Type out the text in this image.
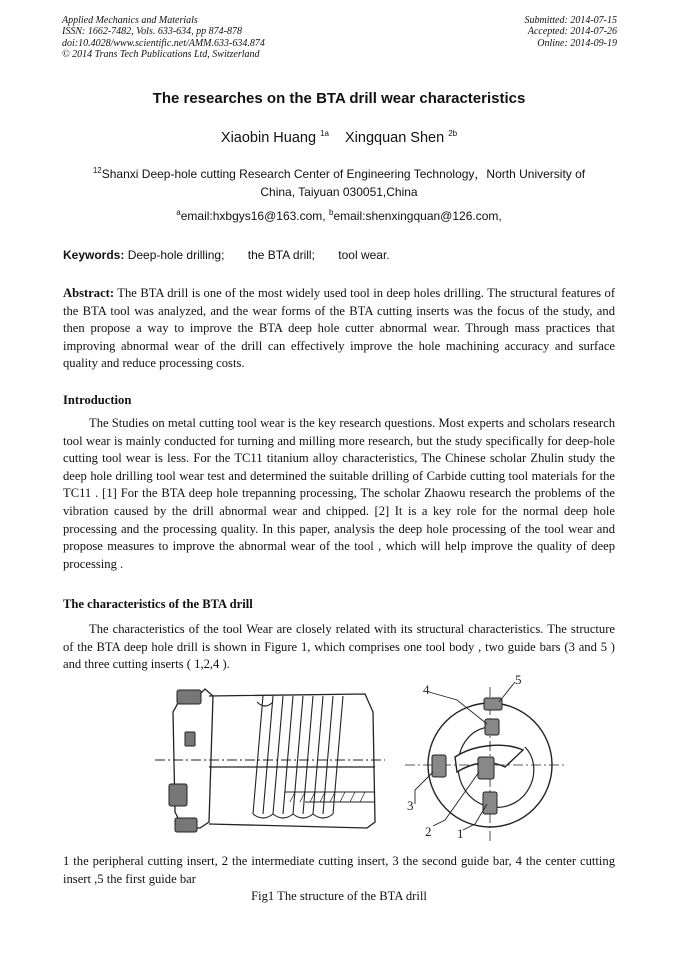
Applied Mechanics and Materials
ISSN: 1662-7482, Vols. 633-634, pp 874-878
doi:10.4028/www.scientific.net/AMM.633-634.874
© 2014 Trans Tech Publications Ltd, Switzerland
Submitted: 2014-07-15
Accepted: 2014-07-26
Online: 2014-09-19
The researches on the BTA drill wear characteristics
Xiaobin Huang $^{1a}$ Xingquan Shen $^{2b}$
$^{12}$Shanxi Deep-hole cutting Research Center of Engineering Technology，North University of China, Taiyuan 030051,China
$^a$email:hxbgys16@163.com, $^b$email:shenxingquan@126.com,
Keywords: Deep-hole drilling; the BTA drill; tool wear.

Abstract: The BTA drill is one of the most widely used tool in deep holes drilling. The structural features of the BTA tool was analyzed, and the wear forms of the BTA cutting inserts was the focus of the study, and then propose a way to improve the BTA deep hole cutter abnormal wear. Through mass practices that improving abnormal wear of the drill can effectively improve the hole machining accuracy and surface quality and reduce processing costs.

Introduction

The Studies on metal cutting tool wear is the key research questions. Most experts and scholars research tool wear is mainly conducted for turning and milling more research, but the study specifically for deep-hole cutting tool wear is less. For the TC11 titanium alloy characteristics, The Chinese scholar Zhulin study the deep hole drilling tool wear test and determined the suitable drilling of Carbide cutting tool materials for the TC11 . [1] For the BTA deep hole trepanning processing, The scholar Zhaowu research the problems of the vibration caused by the drill abnormal wear and chipped. [2] It is a key role for the normal deep hole processing and the processing quality. In this paper, analysis the deep hole processing of the tool wear and propose measures to improve the abnormal wear of the tool , which will help improve the quality of deep processing .

The characteristics of the BTA drill

The characteristics of the tool Wear are closely related with its structural characteristics. The structure of the BTA deep hole drill is shown in Figure 1, which comprises one tool body , two guide bars (3 and 5 ) and three cutting inserts ( 1,2,4 ).

4
5
3
2 1

1 the peripheral cutting insert, 2 the intermediate cutting insert, 3 the second guide bar, 4 the center cutting insert ,5 the first guide bar

Fig1 The structure of the BTA drill
